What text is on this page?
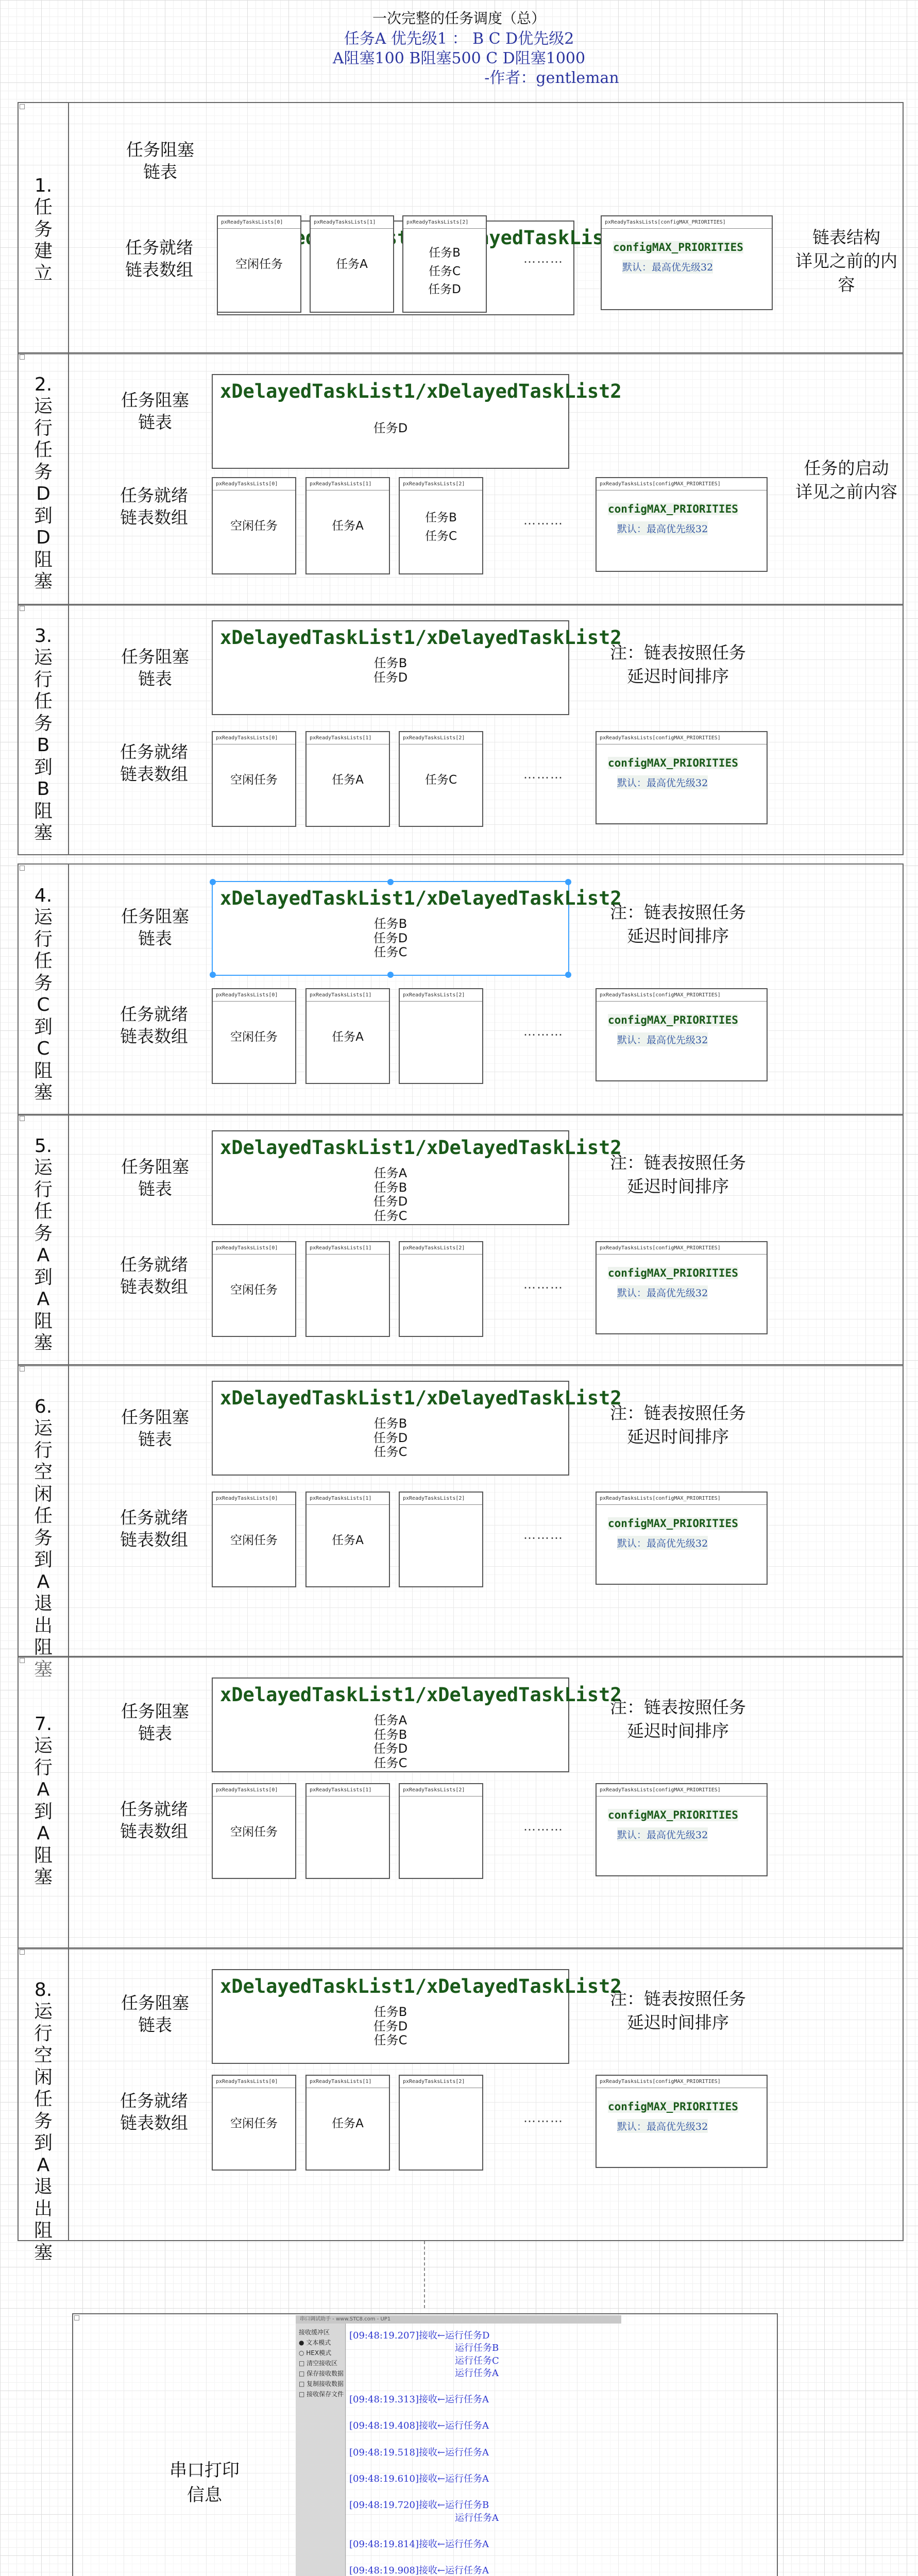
一次完整的任务调度（总）
任务A 优先级1 ： B C D优先级2
A阻塞100 B阻塞500 C D阻塞1000
-作者：gentleman
1.
任
务
建
立
任务阻塞
链表
任务就绪
链表数组
pxReadyTasksLists[0]
空闲任务
pxReadyTasksLists[1]
任务A
pxReadyTasksLists[2]
任务B
任务C
任务D
………
pxReadyTasksLists[configMAX_PRIORITIES]
configMAX_PRIORITIES
默认：最高优先级32
链表结构
详见之前的内
容
2.
运
行
任
务
D
到
D
阻
塞
任务阻塞
链表
任务就绪
链表数组
xDelayedTaskList1/xDelayedTaskList2
任务D
pxReadyTasksLists[0]
空闲任务
pxReadyTasksLists[1]
任务A
pxReadyTasksLists[2]
任务B
任务C
………
pxReadyTasksLists[configMAX_PRIORITIES]
configMAX_PRIORITIES
默认：最高优先级32
任务的启动
详见之前内容
3.
运
行
任
务
B
到
B
阻
塞
任务阻塞
链表
任务就绪
链表数组
xDelayedTaskList1/xDelayedTaskList2
任务B
任务D
pxReadyTasksLists[0]
空闲任务
pxReadyTasksLists[1]
任务A
pxReadyTasksLists[2]
任务C	………
pxReadyTasksLists[configMAX_PRIORITIES]
configMAX_PRIORITIES
默认：最高优先级32
注：链表按照任务
延迟时间排序
4.
运
行
任
务
C
到
C
阻
塞
任务阻塞
链表
任务就绪
链表数组
xDelayedTaskList1/xDelayedTaskList2
任务B
任务D
任务C
pxReadyTasksLists[0]
空闲任务
pxReadyTasksLists[1]
任务A
pxReadyTasksLists[2]
………
pxReadyTasksLists[configMAX_PRIORITIES]
configMAX_PRIORITIES
默认：最高优先级32
注：链表按照任务
延迟时间排序
5.
运
行
任
务
A
到
A
阻
塞
任务阻塞
链表
任务就绪
链表数组
xDelayedTaskList1/xDelayedTaskList2
任务A
任务B
任务D
任务C
pxReadyTasksLists[0]
空闲任务
pxReadyTasksLists[1]	pxReadyTasksLists[2]
………
pxReadyTasksLists[configMAX_PRIORITIES]
configMAX_PRIORITIES
默认：最高优先级32
注：链表按照任务
延迟时间排序
6.
运
行
空
闲
任
务
到
A
退
出
阻
塞
任务阻塞
链表
任务就绪
链表数组
xDelayedTaskList1/xDelayedTaskList2
任务B
任务D
任务C
pxReadyTasksLists[0]
空闲任务
pxReadyTasksLists[1]
任务A
pxReadyTasksLists[2]
………
pxReadyTasksLists[configMAX_PRIORITIES]
configMAX_PRIORITIES
默认：最高优先级32
注：链表按照任务
延迟时间排序
7.
运
行
A
到
A
阻
塞
任务阻塞
链表
任务就绪
链表数组
xDelayedTaskList1/xDelayedTaskList2
任务A
任务B
任务D
任务C
pxReadyTasksLists[0]
空闲任务
pxReadyTasksLists[1]	pxReadyTasksLists[2]
………
pxReadyTasksLists[configMAX_PRIORITIES]
configMAX_PRIORITIES
默认：最高优先级32
注：链表按照任务
延迟时间排序
8.
运
行
空
闲
任
务
到
A
退
出
阻
塞
任务阻塞
链表
任务就绪
链表数组
xDelayedTaskList1/xDelayedTaskList2
任务B
任务D
任务C
pxReadyTasksLists[0]
空闲任务
pxReadyTasksLists[1]
任务A
pxReadyTasksLists[2]
………
pxReadyTasksLists[configMAX_PRIORITIES]
configMAX_PRIORITIES
默认：最高优先级32
注：链表按照任务
延迟时间排序
串口打印
信息
串口调试助手 - www.STC8.com - UP1
接收缓冲区
● 文本模式
○ HEX模式
□ 清空接收区
□ 保存接收数据
□ 复制接收数据
□ 接收保存文件
[09:48:19.207]接收←运行任务D
运行任务B
运行任务C
运行任务A
[09:48:19.313]接收←运行任务A
[09:48:19.408]接收←运行任务A
[09:48:19.518]接收←运行任务A
[09:48:19.610]接收←运行任务A
[09:48:19.720]接收←运行任务B
运行任务A
[09:48:19.814]接收←运行任务A
[09:48:19.908]接收←运行任务A
